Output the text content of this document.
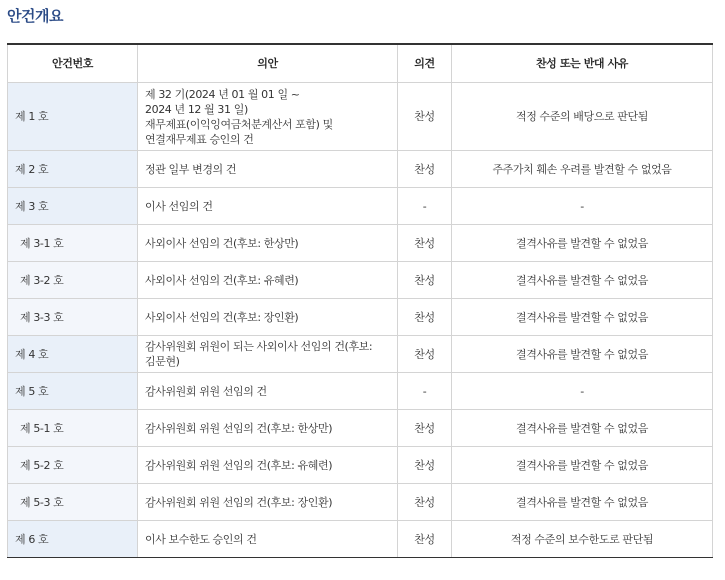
안건개요
안건번호	의안	의견	찬성 또는 반대 사유
제 1 호	제 32 기(2024 년 01 월 01 일 ~
2024 년 12 월 31 일)
재무제표(이익잉여금처분계산서 포함) 및
연결재무제표 승인의 건	찬성	적정 수준의 배당으로 판단됨
제 2 호	정관 일부 변경의 건	찬성	주주가치 훼손 우려를 발견할 수 없었음
제 3 호	이사 선임의 건	-	-
제 3-1 호	사외이사 선임의 건(후보: 한상만)	찬성	결격사유를 발견할 수 없었음
제 3-2 호	사외이사 선임의 건(후보: 유혜련)	찬성	결격사유를 발견할 수 없었음
제 3-3 호	사외이사 선임의 건(후보: 장인환)	찬성	결격사유를 발견할 수 없었음
제 4 호	감사위원회 위원이 되는 사외이사 선임의 건(후보:
김문현)	찬성	결격사유를 발견할 수 없었음
제 5 호	감사위원회 위원 선임의 건	-	-
제 5-1 호	감사위원회 위원 선임의 건(후보: 한상만)	찬성	결격사유를 발견할 수 없었음
제 5-2 호	감사위원회 위원 선임의 건(후보: 유혜련)	찬성	결격사유를 발견할 수 없었음
제 5-3 호	감사위원회 위원 선임의 건(후보: 장인환)	찬성	결격사유를 발견할 수 없었음
제 6 호	이사 보수한도 승인의 건	찬성	적정 수준의 보수한도로 판단됨
